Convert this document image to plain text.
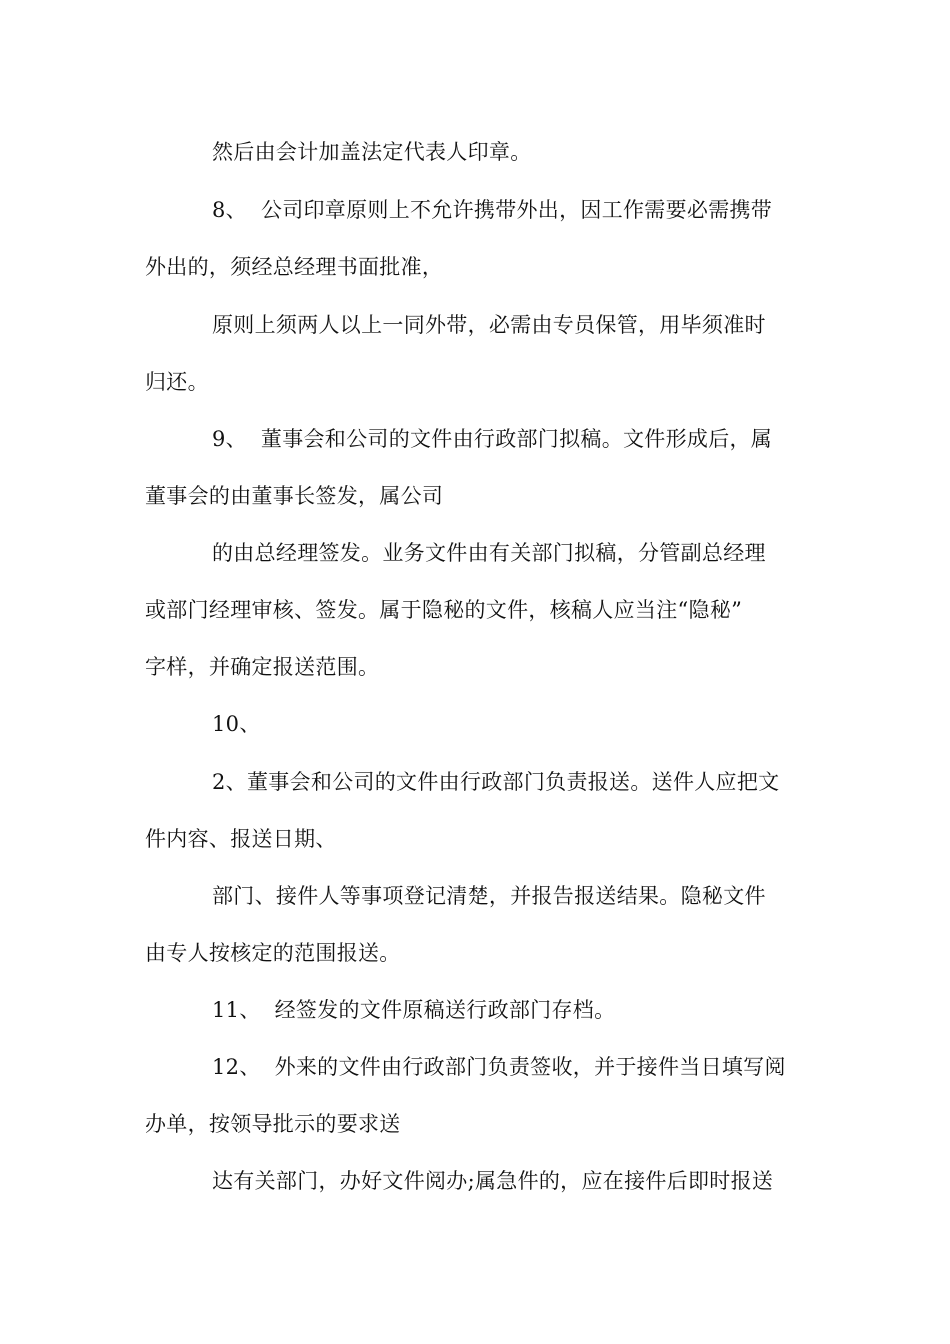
然后由会计加盖法定代表人印章。
8、  公司印章原则上不允许携带外出，因工作需要必需携带
外出的，须经总经理书面批准，
原则上须两人以上一同外带，必需由专员保管，用毕须准时
归还。
9、  董事会和公司的文件由行政部门拟稿。文件形成后，属
董事会的由董事长签发，属公司
的由总经理签发。业务文件由有关部门拟稿，分管副总经理
或部门经理审核、签发。属于隐秘的文件，核稿人应当注“隐秘”
字样，并确定报送范围。
10、
2、董事会和公司的文件由行政部门负责报送。送件人应把文
件内容、报送日期、
部门、接件人等事项登记清楚，并报告报送结果。隐秘文件
由专人按核定的范围报送。
11、  经签发的文件原稿送行政部门存档。
12、  外来的文件由行政部门负责签收，并于接件当日填写阅
办单，按领导批示的要求送
达有关部门，办好文件阅办;属急件的，应在接件后即时报送
